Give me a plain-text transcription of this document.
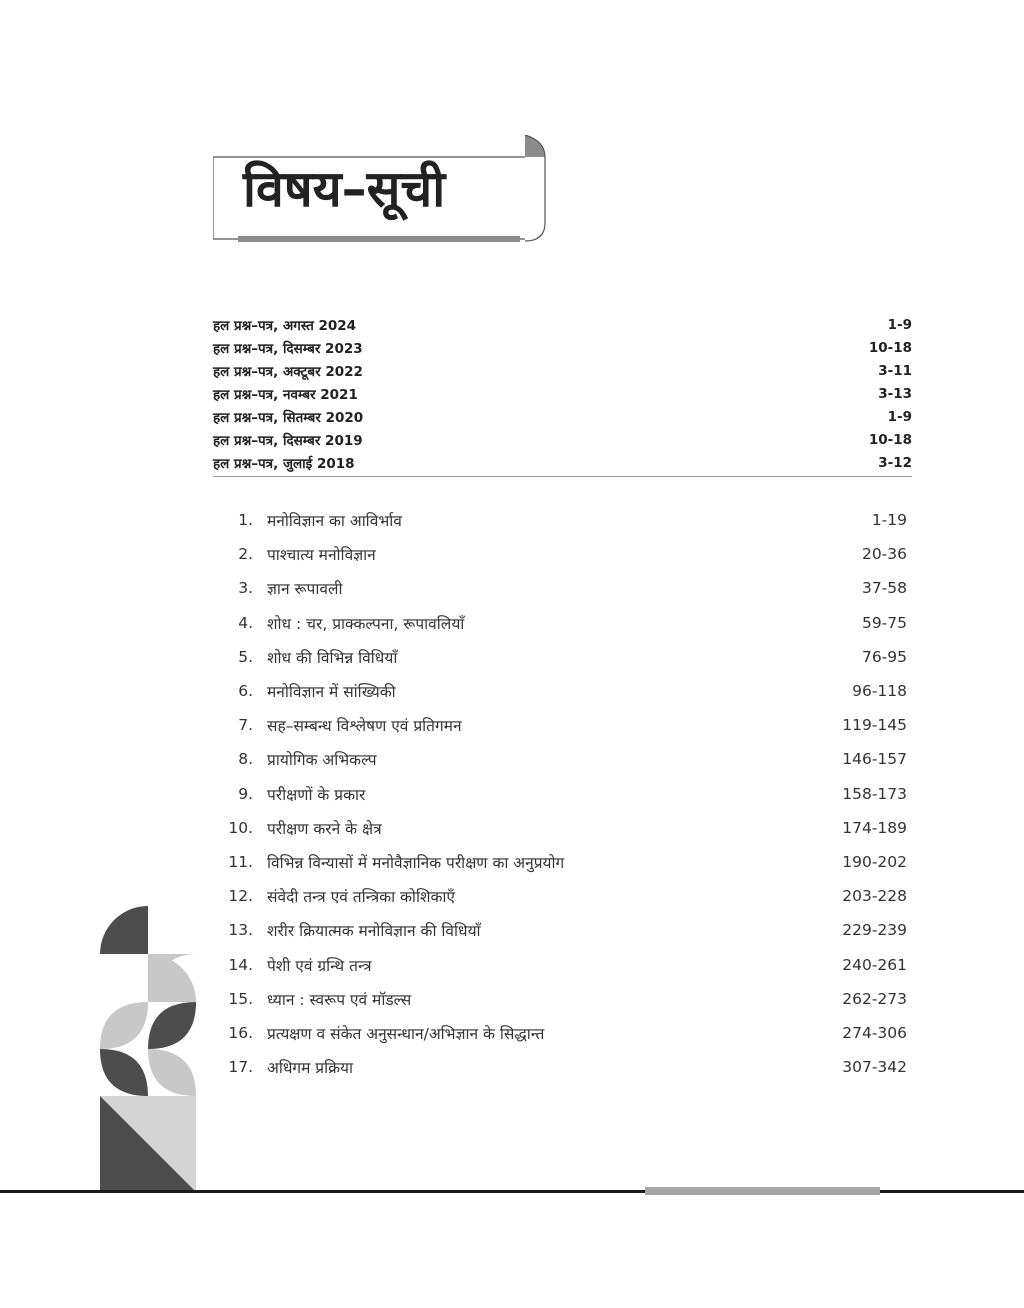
विषय–सूची
हल प्रश्न–पत्र, अगस्त 2024	1-9
हल प्रश्न–पत्र, दिसम्बर 2023	10-18
हल प्रश्न–पत्र, अक्टूबर 2022	3-11
हल प्रश्न–पत्र, नवम्बर 2021	3-13
हल प्रश्न–पत्र, सितम्बर 2020	1-9
हल प्रश्न–पत्र, दिसम्बर 2019	10-18
हल प्रश्न–पत्र, जुलाई 2018	3-12
1. मनोविज्ञान का आविर्भाव	1-19
2. पाश्चात्य मनोविज्ञान	20-36
3. ज्ञान रूपावली	37-58
4. शोध : चर, प्राक्कल्पना, रूपावलियाँ	59-75
5. शोध की विभिन्न विधियाँ	76-95
6. मनोविज्ञान में सांख्यिकी	96-118
7. सह–सम्बन्ध विश्लेषण एवं प्रतिगमन	119-145
8. प्रायोगिक अभिकल्प	146-157
9. परीक्षणों के प्रकार	158-173
10. परीक्षण करने के क्षेत्र	174-189
11. विभिन्न विन्यासों में मनोवैज्ञानिक परीक्षण का अनुप्रयोग	190-202
12. संवेदी तन्त्र एवं तन्त्रिका कोशिकाएँ	203-228
13. शरीर क्रियात्मक मनोविज्ञान की विधियाँ	229-239
14. पेशी एवं ग्रन्थि तन्त्र	240-261
15. ध्यान : स्वरूप एवं मॉडल्स	262-273
16. प्रत्यक्षण व संकेत अनुसन्धान/अभिज्ञान के सिद्धान्त	274-306
17. अधिगम प्रक्रिया	307-342
